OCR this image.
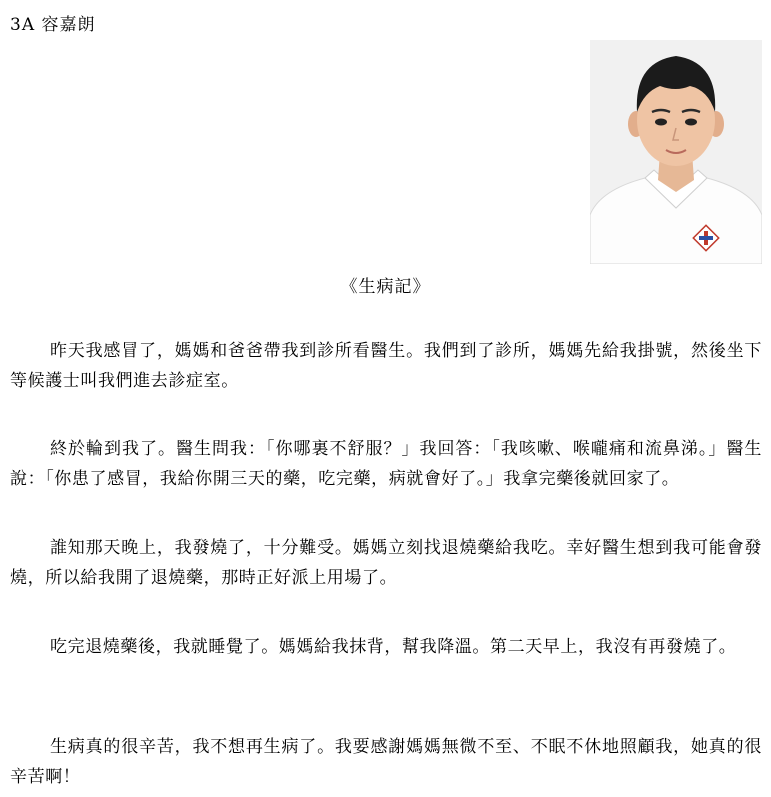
3A 容嘉朗
《生病記》

昨天我感冒了，媽媽和爸爸帶我到診所看醫生。我們到了診所，媽媽先給我掛號，然後坐下等候護士叫我們進去診症室。

終於輪到我了。醫生問我：「你哪裏不舒服？」我回答：「我咳嗽、喉嚨痛和流鼻涕。」醫生說：「你患了感冒，我給你開三天的藥，吃完藥，病就會好了。」我拿完藥後就回家了。

誰知那天晚上，我發燒了，十分難受。媽媽立刻找退燒藥給我吃。幸好醫生想到我可能會發燒，所以給我開了退燒藥，那時正好派上用場了。

吃完退燒藥後，我就睡覺了。媽媽給我抹背，幫我降溫。第二天早上，我沒有再發燒了。

生病真的很辛苦，我不想再生病了。我要感謝媽媽無微不至、不眠不休地照顧我，她真的很辛苦啊！
